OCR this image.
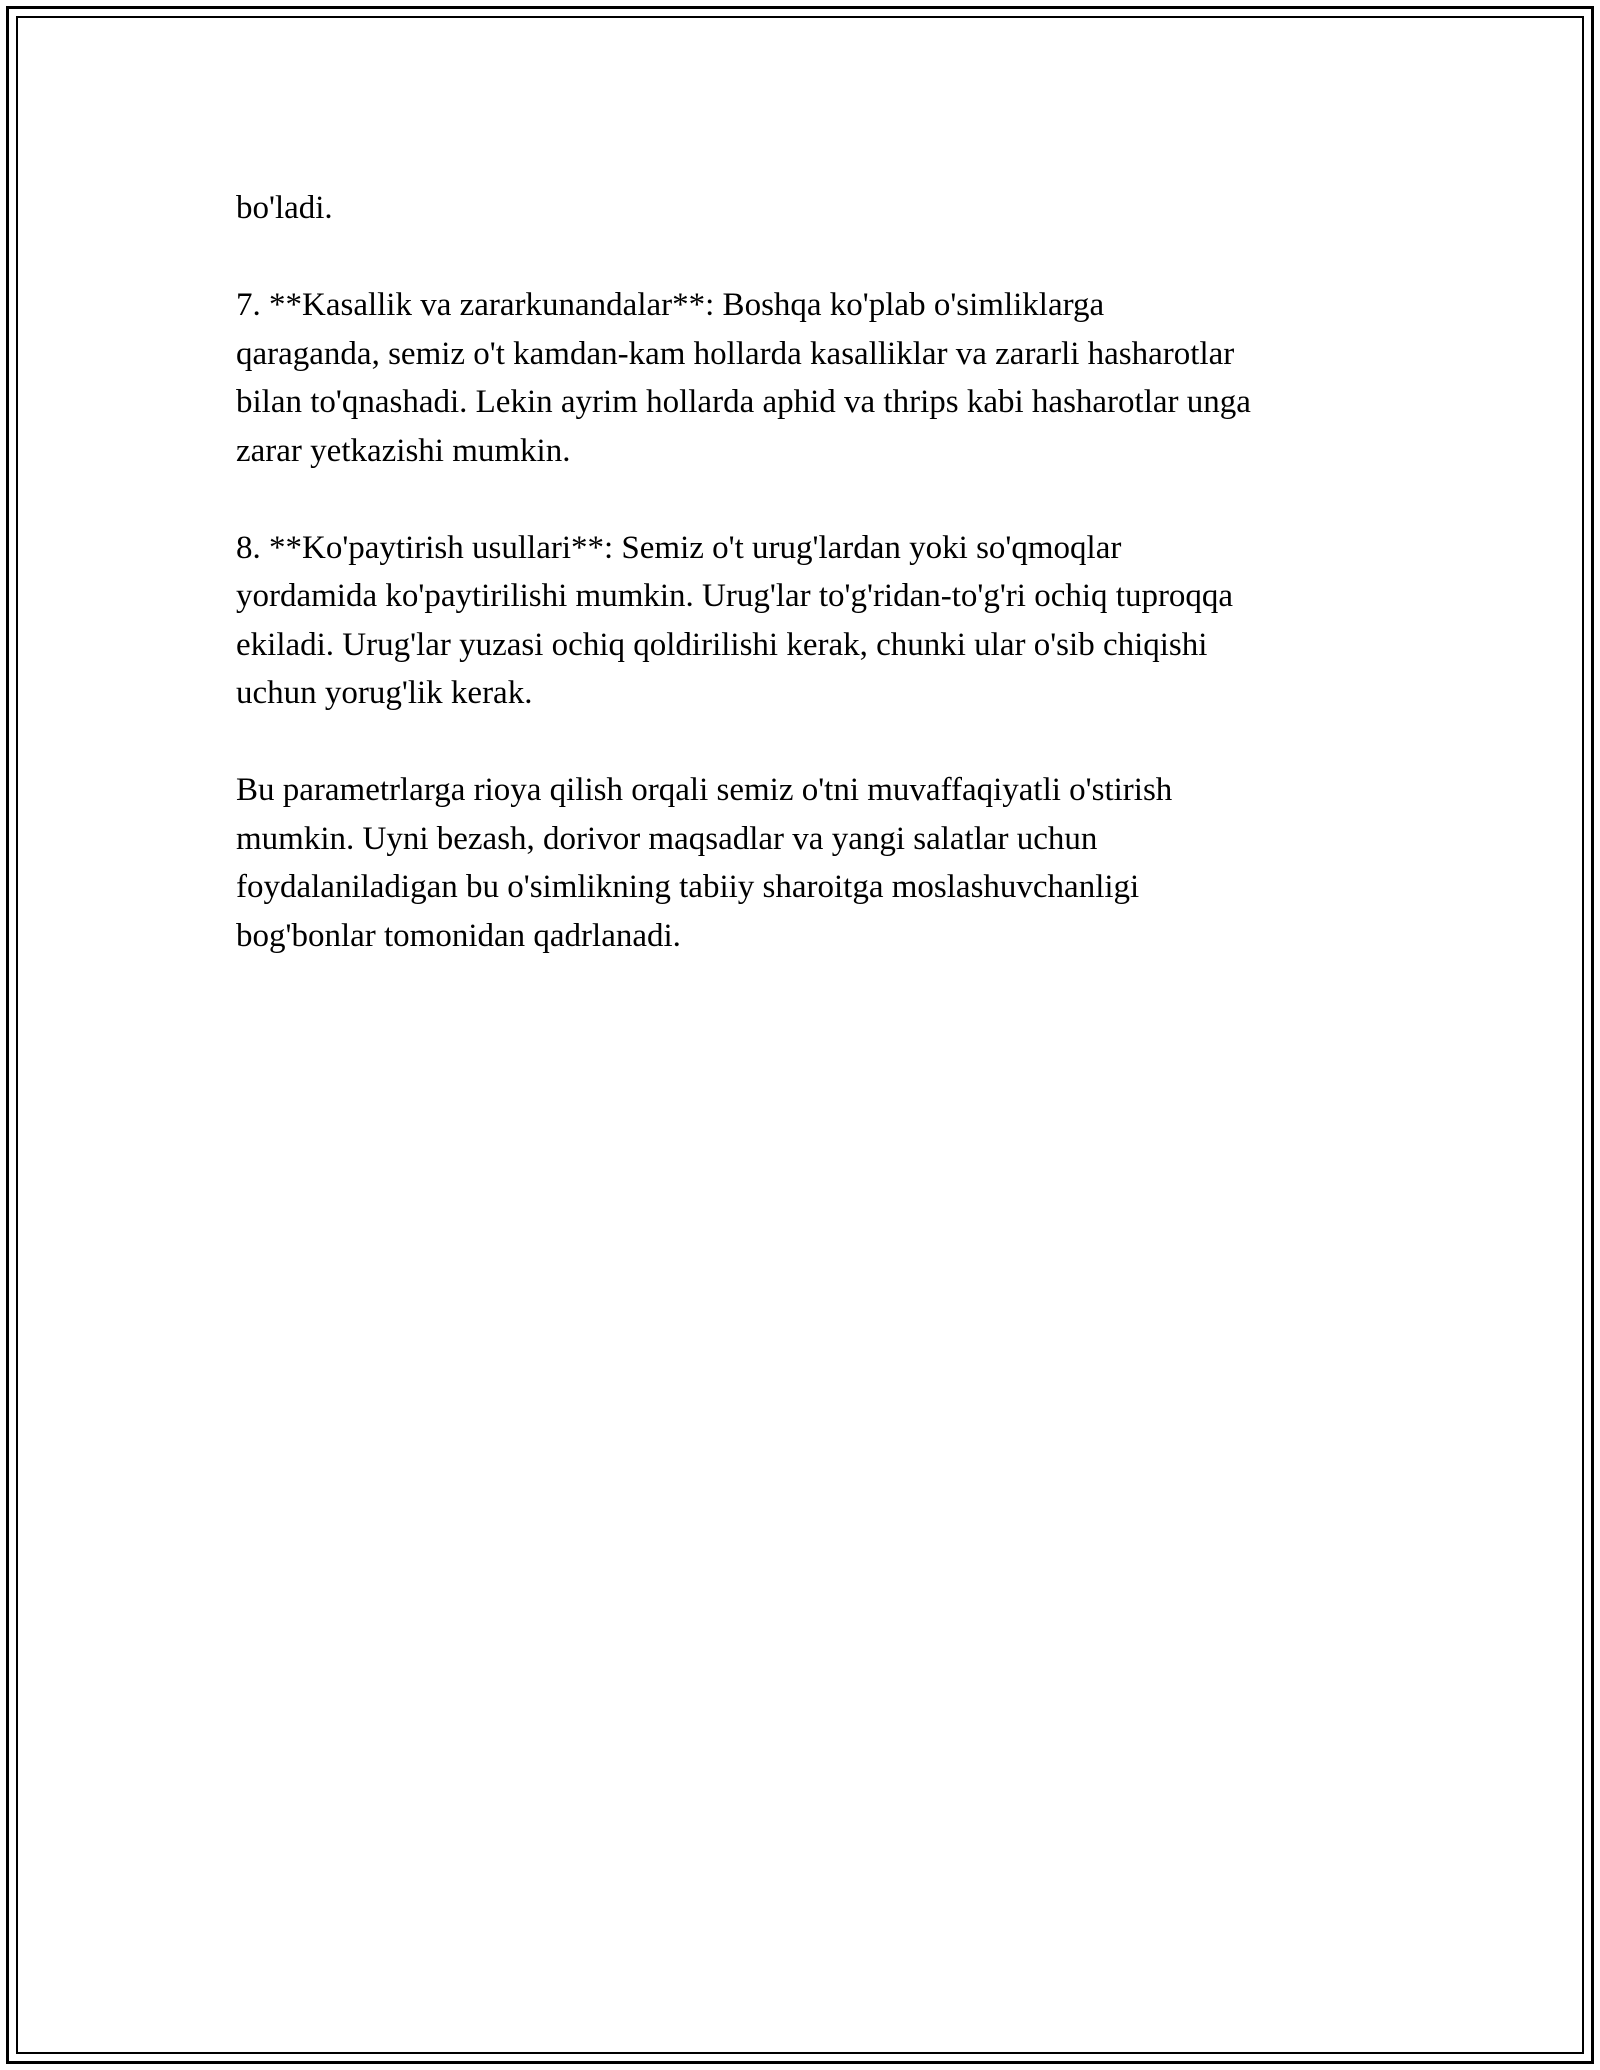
bo'ladi.

7. **Kasallik va zararkunandalar**: Boshqa ko'plab o'simliklarga
qaraganda, semiz o't kamdan-kam hollarda kasalliklar va zararli hasharotlar
bilan to'qnashadi. Lekin ayrim hollarda aphid va thrips kabi hasharotlar unga
zarar yetkazishi mumkin.

8. **Ko'paytirish usullari**: Semiz o't urug'lardan yoki so'qmoqlar
yordamida ko'paytirilishi mumkin. Urug'lar to'g'ridan-to'g'ri ochiq tuproqqa
ekiladi. Urug'lar yuzasi ochiq qoldirilishi kerak, chunki ular o'sib chiqishi
uchun yorug'lik kerak.

Bu parametrlarga rioya qilish orqali semiz o'tni muvaffaqiyatli o'stirish
mumkin. Uyni bezash, dorivor maqsadlar va yangi salatlar uchun
foydalaniladigan bu o'simlikning tabiiy sharoitga moslashuvchanligi
bog'bonlar tomonidan qadrlanadi.
